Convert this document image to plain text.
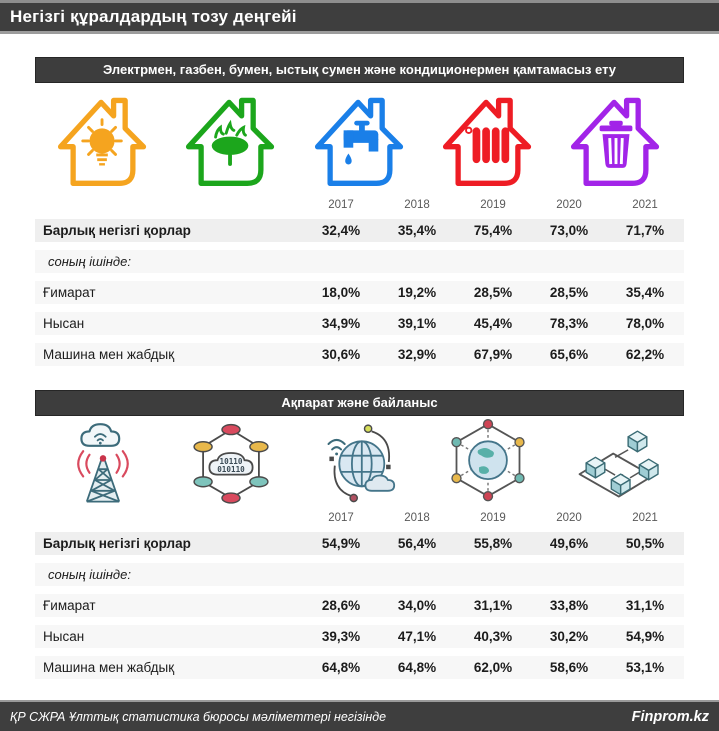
Негізгі құралдардың тозу деңгейі
Электрмен, газбен, бумен, ыстық сумен және кондиционермен қамтамасыз ету
2017	2018	2019	2020	2021
Барлық негізгі қорлар	32,4%	35,4%	75,4%	73,0%	71,7%
соның ішінде:
Ғимарат	18,0%	19,2%	28,5%	28,5%	35,4%
Нысан	34,9%	39,1%	45,4%	78,3%	78,0%
Машина мен жабдық	30,6%	32,9%	67,9%	65,6%	62,2%
Ақпарат және байланыс
10110
010110
2017	2018	2019	2020	2021
Барлық негізгі қорлар	54,9%	56,4%	55,8%	49,6%	50,5%
соның ішінде:
Ғимарат	28,6%	34,0%	31,1%	33,8%	31,1%
Нысан	39,3%	47,1%	40,3%	30,2%	54,9%
Машина мен жабдық	64,8%	64,8%	62,0%	58,6%	53,1%
ҚР СЖРА Ұлттық статистика бюросы мәліметтері негізінде	Finprom.kz
